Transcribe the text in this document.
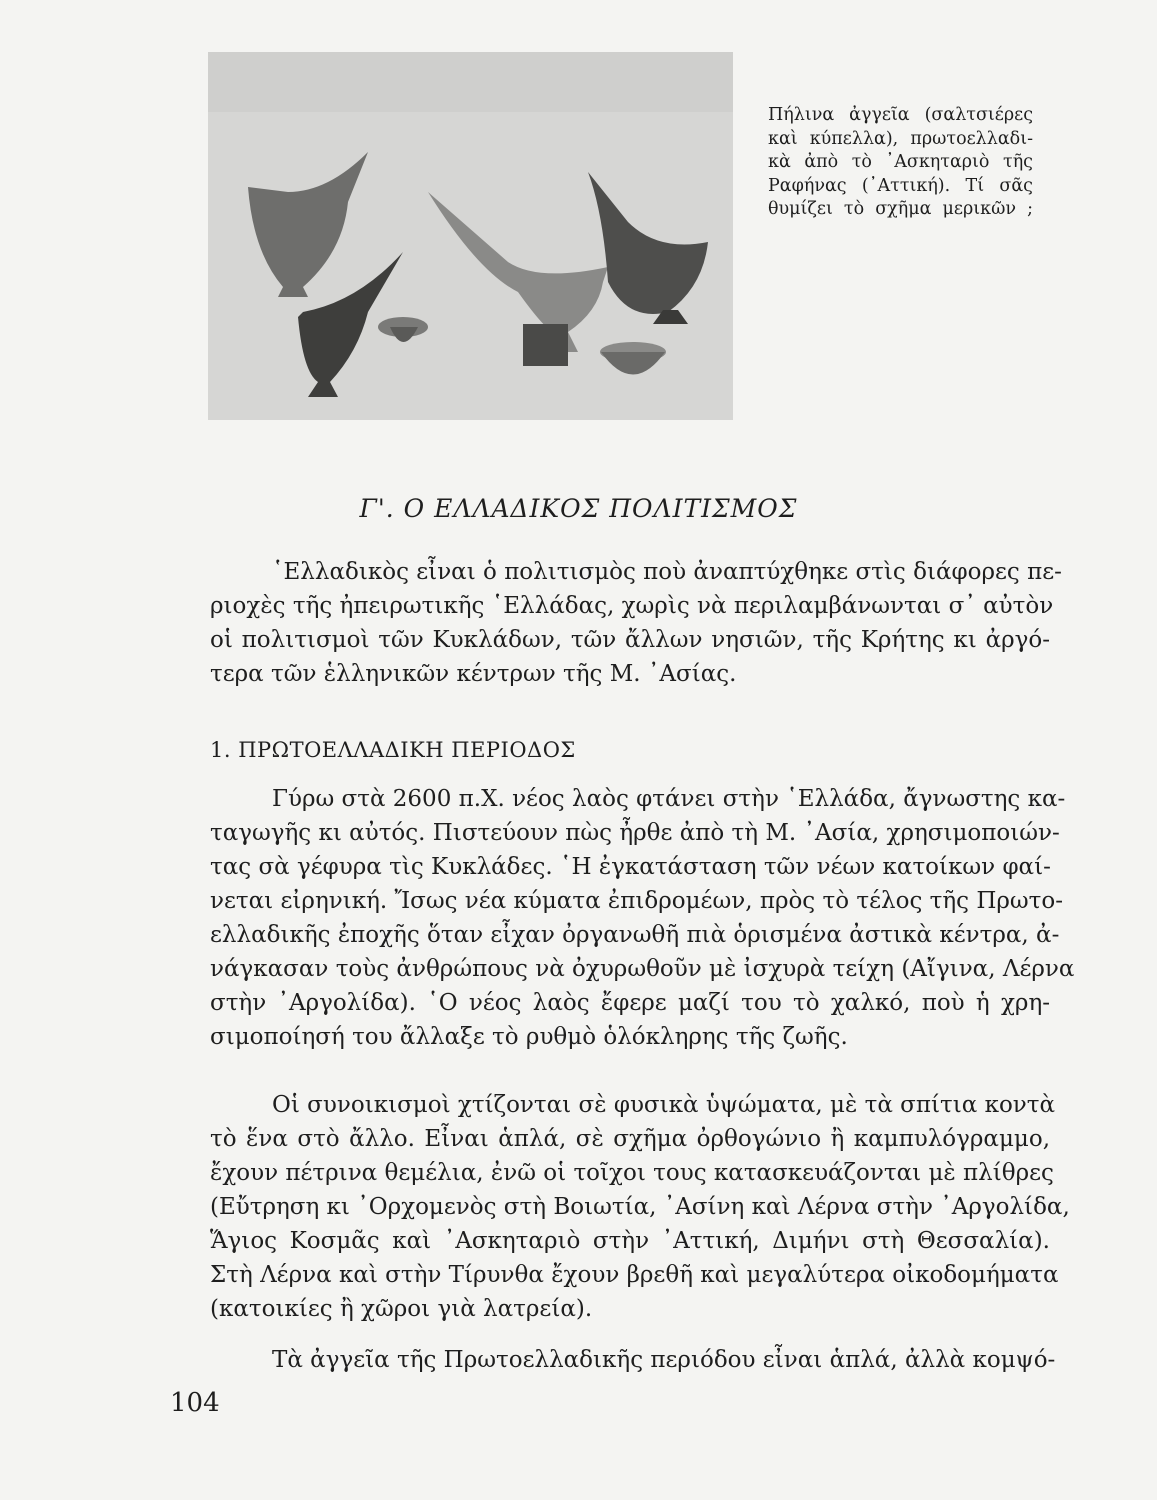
Πήλινα ἀγγεῖα (σαλτσιέρες
καὶ κύπελλα), πρωτοελλαδι-
κὰ ἀπὸ τὸ ᾿Ασκηταριὸ τῆς
Ραφήνας (᾿Αττική). Τί σᾶς
θυμίζει τὸ σχῆμα μερικῶν ;
Γ'. Ο ΕΛΛΑΔΙΚΟΣ ΠΟΛΙΤΙΣΜΟΣ
῾Ελλαδικὸς εἶναι ὁ πολιτισμὸς ποὺ ἀναπτύχθηκε στὶς διάφορες πε-
ριοχὲς τῆς ἠπειρωτικῆς ῾Ελλάδας, χωρὶς νὰ περιλαμβάνωνται σ᾿ αὐτὸν
οἱ πολιτισμοὶ τῶν Κυκλάδων, τῶν ἄλλων νησιῶν, τῆς Κρήτης κι ἀργό-
τερα τῶν ἑλληνικῶν κέντρων τῆς Μ. ᾿Ασίας.
1. ΠΡΩΤΟΕΛΛΑΔΙΚΗ ΠΕΡΙΟΔΟΣ
Γύρω στὰ 2600 π.Χ. νέος λαὸς φτάνει στὴν ῾Ελλάδα, ἄγνωστης κα-
ταγωγῆς κι αὐτός. Πιστεύουν πὼς ἦρθε ἀπὸ τὴ Μ. ᾿Ασία, χρησιμοποιών-
τας σὰ γέφυρα τὶς Κυκλάδες. ῾Η ἐγκατάσταση τῶν νέων κατοίκων φαί-
νεται εἰρηνική. Ἴσως νέα κύματα ἐπιδρομέων, πρὸς τὸ τέλος τῆς Πρωτο-
ελλαδικῆς ἐποχῆς ὅταν εἶχαν ὀργανωθῆ πιὰ ὁρισμένα ἀστικὰ κέντρα, ἀ-
νάγκασαν τοὺς ἀνθρώπους νὰ ὀχυρωθοῦν μὲ ἰσχυρὰ τείχη (Αἴγινα, Λέρνα
στὴν ᾿Αργολίδα). ῾Ο νέος λαὸς ἔφερε μαζί του τὸ χαλκό, ποὺ ἡ χρη-
σιμοποίησή του ἄλλαξε τὸ ρυθμὸ ὁλόκληρης τῆς ζωῆς.
Οἱ συνοικισμοὶ χτίζονται σὲ φυσικὰ ὑψώματα, μὲ τὰ σπίτια κοντὰ
τὸ ἕνα στὸ ἄλλο. Εἶναι ἁπλά, σὲ σχῆμα ὀρθογώνιο ἢ καμπυλόγραμμο,
ἔχουν πέτρινα θεμέλια, ἐνῶ οἱ τοῖχοι τους κατασκευάζονται μὲ πλίθρες
(Εὔτρηση κι ᾿Ορχομενὸς στὴ Βοιωτία, ᾿Ασίνη καὶ Λέρνα στὴν ᾿Αργολίδα,
Ἅγιος Κοσμᾶς καὶ ᾿Ασκηταριὸ στὴν ᾿Αττική, Διμήνι στὴ Θεσσαλία).
Στὴ Λέρνα καὶ στὴν Τίρυνθα ἔχουν βρεθῆ καὶ μεγαλύτερα οἰκοδομήματα
(κατοικίες ἢ χῶροι γιὰ λατρεία).
Τὰ ἀγγεῖα τῆς Πρωτοελλαδικῆς περιόδου εἶναι ἁπλά, ἀλλὰ κομψό-
104
